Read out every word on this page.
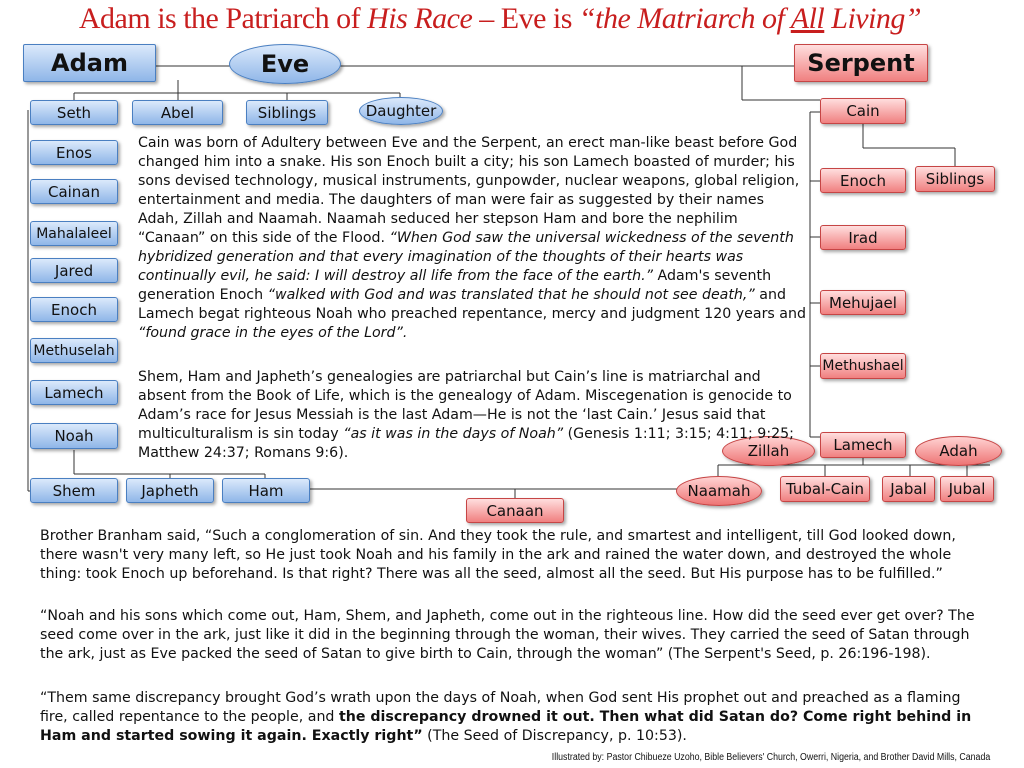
Adam is the Patriarch of His Race – Eve is “the Matriarch of All Living”
Adam	Eve	Serpent
Seth	Abel	Siblings	Daughter
Enos
Cainan
Mahalaleel
Jared
Enoch
Methuselah
Lamech
Noah
Shem	Japheth	Ham
Canaan
Cain
Enoch	Siblings
Irad
Mehujael
Methushael
Lamech
Zillah	Adah
Naamah	Tubal-Cain	Jabal	Jubal
Cain was born of Adultery between Eve and the Serpent, an erect man-like beast before God changed him into a snake. His son Enoch built a city; his son Lamech boasted of murder; his sons devised technology, musical instruments, gunpowder, nuclear weapons, global religion, entertainment and media. The daughters of man were fair as suggested by their names Adah, Zillah and Naamah. Naamah seduced her stepson Ham and bore the nephilim “Canaan” on this side of the Flood. “When God saw the universal wickedness of the seventh hybridized generation and that every imagination of the thoughts of their hearts was continually evil, he said: I will destroy all life from the face of the earth.” Adam's seventh generation Enoch “walked with God and was translated that he should not see death,” and Lamech begat righteous Noah who preached repentance, mercy and judgment 120 years and “found grace in the eyes of the Lord”.
Shem, Ham and Japheth’s genealogies are patriarchal but Cain’s line is matriarchal and absent from the Book of Life, which is the genealogy of Adam. Miscegenation is genocide to Adam’s race for Jesus Messiah is the last Adam—He is not the ‘last Cain.’ Jesus said that multiculturalism is sin today “as it was in the days of Noah” (Genesis 1:11; 3:15; 4:11; 9:25; Matthew 24:37; Romans 9:6).
Brother Branham said, “Such a conglomeration of sin. And they took the rule, and smartest and intelligent, till God looked down, there wasn't very many left, so He just took Noah and his family in the ark and rained the water down, and destroyed the whole thing: took Enoch up beforehand. Is that right? There was all the seed, almost all the seed. But His purpose has to be fulfilled.”
“Noah and his sons which come out, Ham, Shem, and Japheth, come out in the righteous line. How did the seed ever get over? The seed come over in the ark, just like it did in the beginning through the woman, their wives. They carried the seed of Satan through the ark, just as Eve packed the seed of Satan to give birth to Cain, through the woman” (The Serpent's Seed, p. 26:196-198).
“Them same discrepancy brought God’s wrath upon the days of Noah, when God sent His prophet out and preached as a flaming fire, called repentance to the people, and the discrepancy drowned it out. Then what did Satan do? Come right behind in Ham and started sowing it again. Exactly right” (The Seed of Discrepancy, p. 10:53).
Illustrated by: Pastor Chibueze Uzoho, Bible Believers' Church, Owerri, Nigeria, and Brother David Mills, Canada
